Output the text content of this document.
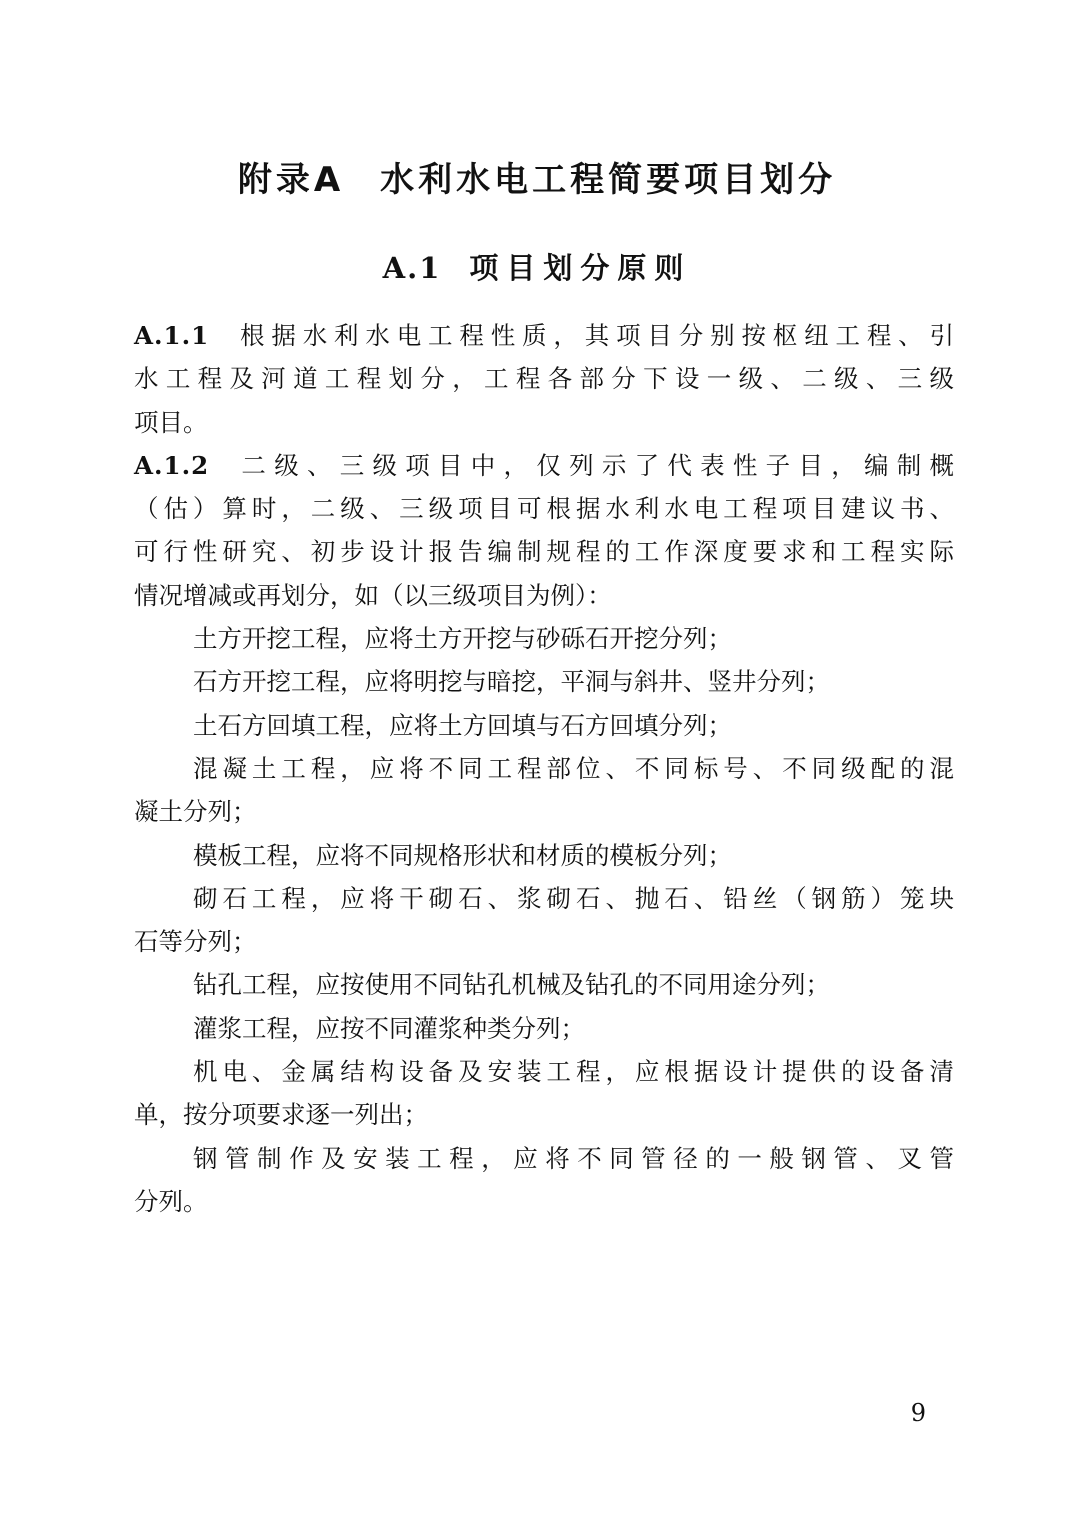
附录A 水利水电工程简要项目划分
A.1 项目划分原则
A.1.1 根据水利水电工程性质，其项目分别按枢纽工程、引
水工程及河道工程划分，工程各部分下设一级、二级、三级
项目。
A.1.2 二级、三级项目中，仅列示了代表性子目，编制概
（估）算时，二级、三级项目可根据水利水电工程项目建议书、
可行性研究、初步设计报告编制规程的工作深度要求和工程实际
情况增减或再划分，如（以三级项目为例）：
土方开挖工程，应将土方开挖与砂砾石开挖分列；
石方开挖工程，应将明挖与暗挖，平洞与斜井、竖井分列；
土石方回填工程，应将土方回填与石方回填分列；
混凝土工程，应将不同工程部位、不同标号、不同级配的混
凝土分列；
模板工程，应将不同规格形状和材质的模板分列；
砌石工程，应将干砌石、浆砌石、抛石、铅丝（钢筋）笼块
石等分列；
钻孔工程，应按使用不同钻孔机械及钻孔的不同用途分列；
灌浆工程，应按不同灌浆种类分列；
机电、金属结构设备及安装工程，应根据设计提供的设备清
单，按分项要求逐一列出；
钢管制作及安装工程，应将不同管径的一般钢管、叉管
分列。
9
